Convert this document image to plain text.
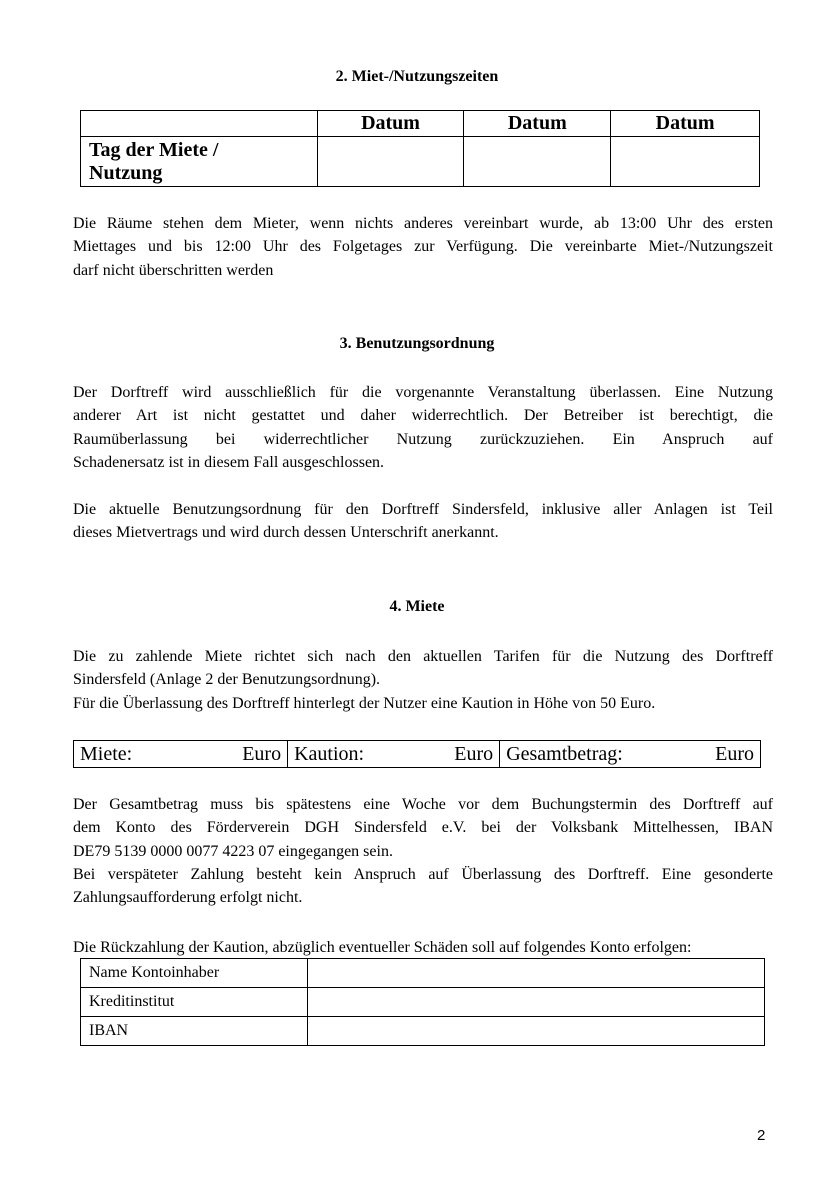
2. Miet-/Nutzungszeiten
	Datum	Datum	Datum

Tag der Miete /
Nutzung			

Die Räume stehen dem Mieter, wenn nichts anderes vereinbart wurde, ab 13:00 Uhr des ersten
Miettages und bis 12:00 Uhr des Folgetages zur Verfügung. Die vereinbarte Miet-/Nutzungszeit
darf nicht überschritten werden

3. Benutzungsordnung

Der Dorftreff wird ausschließlich für die vorgenannte Veranstaltung überlassen. Eine Nutzung
anderer Art ist nicht gestattet und daher widerrechtlich. Der Betreiber ist berechtigt, die
Raumüberlassung bei widerrechtlicher Nutzung zurückzuziehen. Ein Anspruch auf
Schadenersatz ist in diesem Fall ausgeschlossen.

Die aktuelle Benutzungsordnung für den Dorftreff Sindersfeld, inklusive aller Anlagen ist Teil
dieses Mietvertrags und wird durch dessen Unterschrift anerkannt.

4. Miete

Die zu zahlende Miete richtet sich nach den aktuellen Tarifen für die Nutzung des Dorftreff
Sindersfeld (Anlage 2 der Benutzungsordnung).
Für die Überlassung des Dorftreff hinterlegt der Nutzer eine Kaution in Höhe von 50 Euro.

Miete:	Euro	Kaution:	Euro	Gesamtbetrag:	Euro

Der Gesamtbetrag muss bis spätestens eine Woche vor dem Buchungstermin des Dorftreff auf
dem Konto des Förderverein DGH Sindersfeld e.V. bei der Volksbank Mittelhessen, IBAN
DE79 5139 0000 0077 4223 07 eingegangen sein.
Bei verspäteter Zahlung besteht kein Anspruch auf Überlassung des Dorftreff. Eine gesonderte
Zahlungsaufforderung erfolgt nicht.

Die Rückzahlung der Kaution, abzüglich eventueller Schäden soll auf folgendes Konto erfolgen:

Name Kontoinhaber	
Kreditinstitut	
IBAN	
2
